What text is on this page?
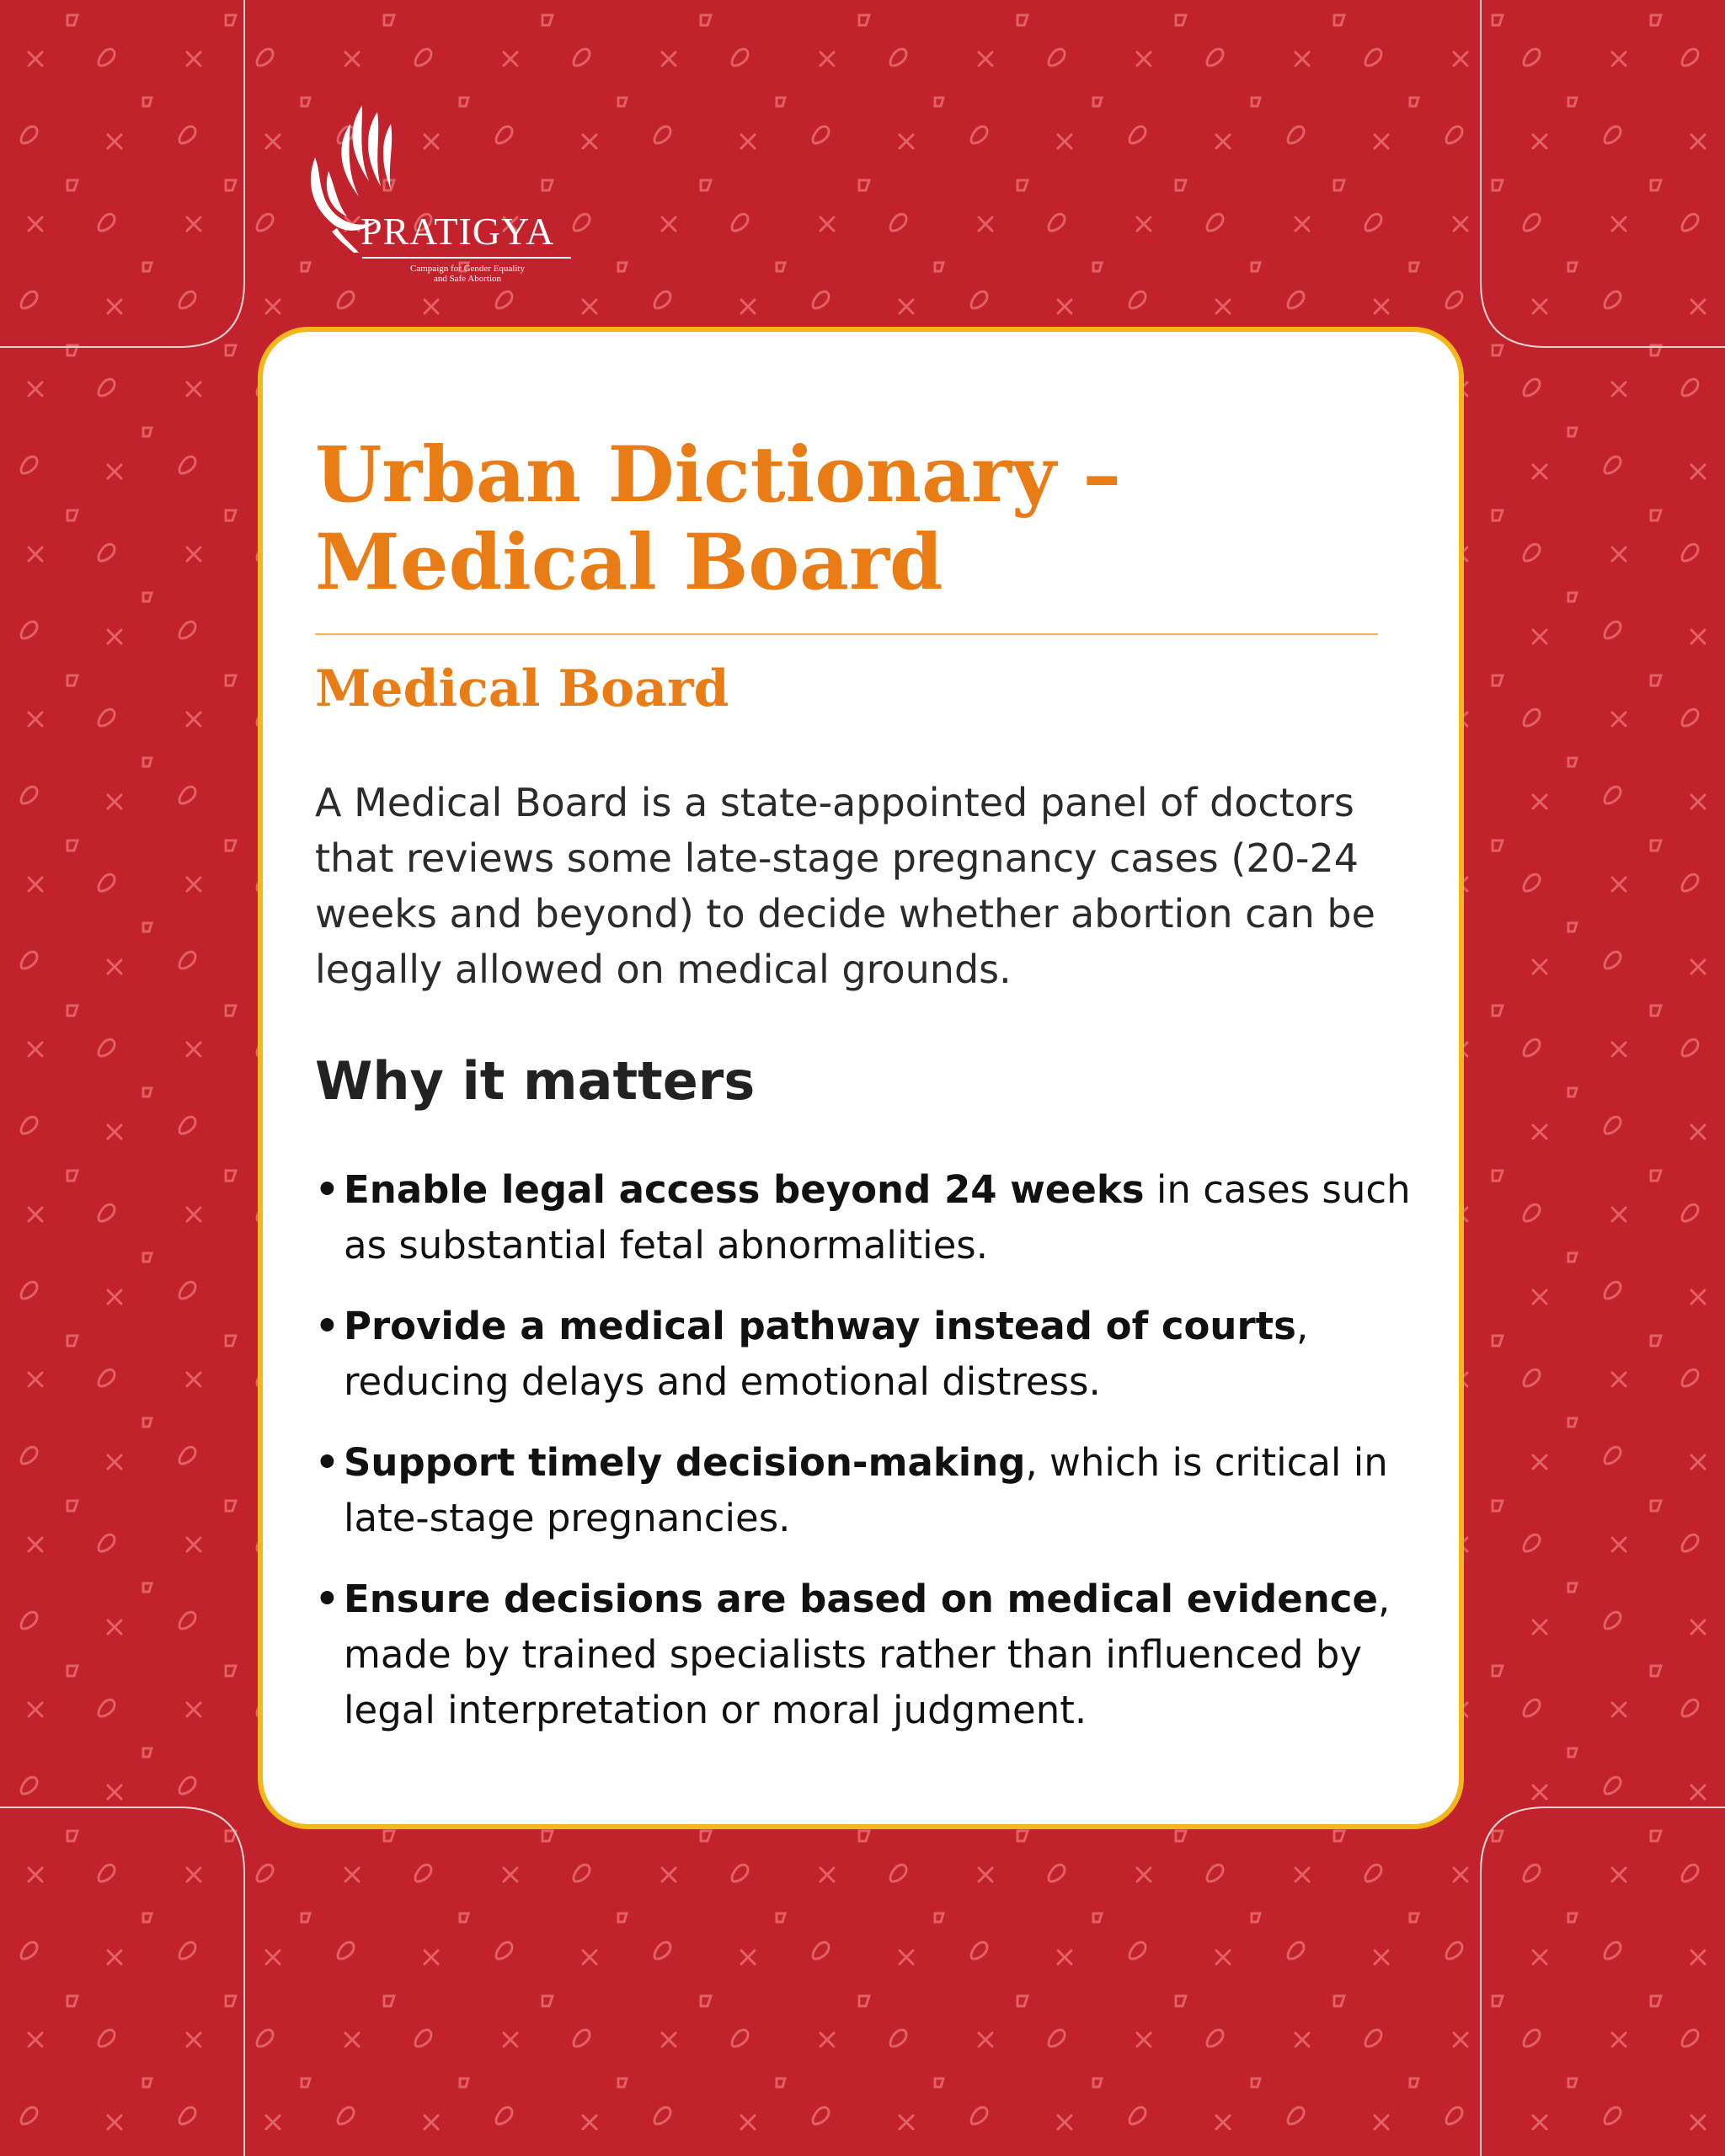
PRATIGYA
Campaign for Gender Equality
and Safe Abortion
Urban Dictionary –
Medical Board
Medical Board

A Medical Board is a state-appointed panel of doctors that reviews some late-stage pregnancy cases (20-24 weeks and beyond) to decide whether abortion can be legally allowed on medical grounds.

Why it matters
• Enable legal access beyond 24 weeks in cases such as substantial fetal abnormalities.
• Provide a medical pathway instead of courts, reducing delays and emotional distress.
• Support timely decision-making, which is critical in late-stage pregnancies.
• Ensure decisions are based on medical evidence, made by trained specialists rather than influenced by legal interpretation or moral judgment.
